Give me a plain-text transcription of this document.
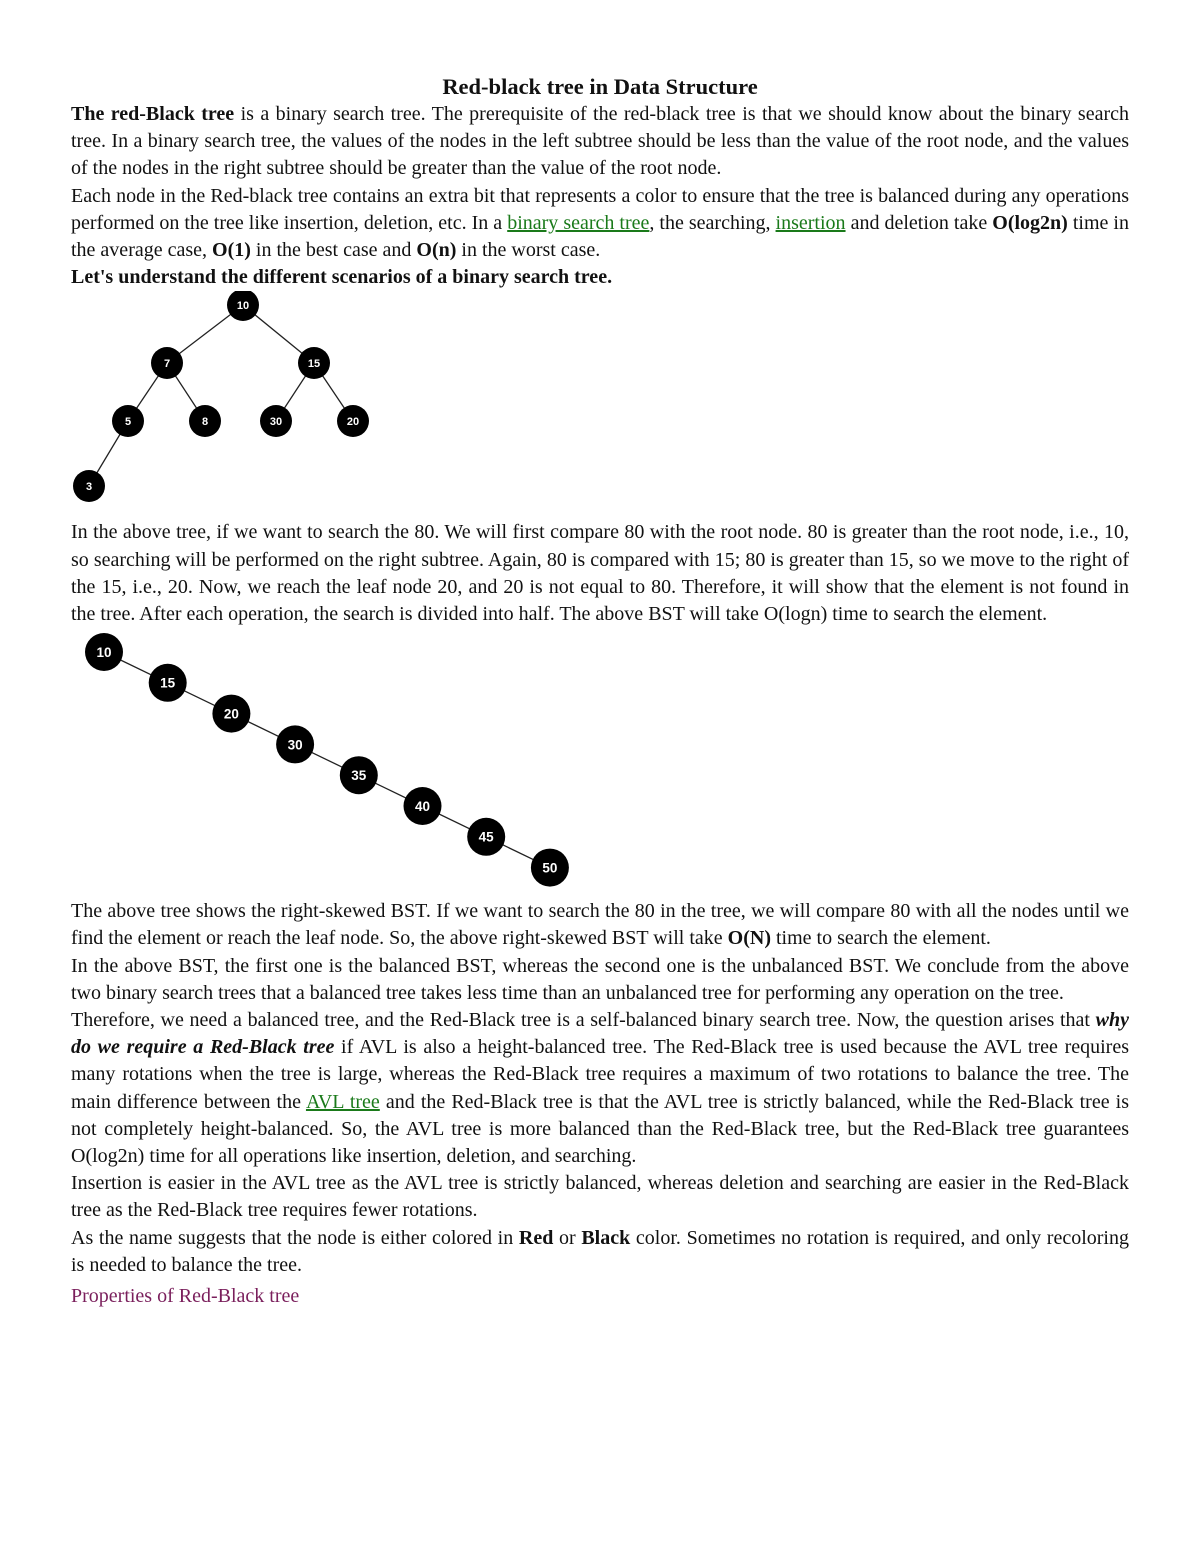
Red-black tree in Data Structure

The red-Black tree is a binary search tree. The prerequisite of the red-black tree is that we should know about the binary search tree. In a binary search tree, the values of the nodes in the left subtree should be less than the value of the root node, and the values of the nodes in the right subtree should be greater than the value of the root node.

Each node in the Red-black tree contains an extra bit that represents a color to ensure that the tree is balanced during any operations performed on the tree like insertion, deletion, etc. In a binary search tree, the searching, insertion and deletion take O(log2n) time in the average case, O(1) in the best case and O(n) in the worst case.

Let's understand the different scenarios of a binary search tree.

10
7	15
5	8	30	20
3

In the above tree, if we want to search the 80. We will first compare 80 with the root node. 80 is greater than the root node, i.e., 10, so searching will be performed on the right subtree. Again, 80 is compared with 15; 80 is greater than 15, so we move to the right of the 15, i.e., 20. Now, we reach the leaf node 20, and 20 is not equal to 80. Therefore, it will show that the element is not found in the tree. After each operation, the search is divided into half. The above BST will take O(logn) time to search the element.

10
15
20
30
35
40
45
50

The above tree shows the right-skewed BST. If we want to search the 80 in the tree, we will compare 80 with all the nodes until we find the element or reach the leaf node. So, the above right-skewed BST will take O(N) time to search the element.

In the above BST, the first one is the balanced BST, whereas the second one is the unbalanced BST. We conclude from the above two binary search trees that a balanced tree takes less time than an unbalanced tree for performing any operation on the tree.

Therefore, we need a balanced tree, and the Red-Black tree is a self-balanced binary search tree. Now, the question arises that why do we require a Red-Black tree if AVL is also a height-balanced tree. The Red-Black tree is used because the AVL tree requires many rotations when the tree is large, whereas the Red-Black tree requires a maximum of two rotations to balance the tree. The main difference between the AVL tree and the Red-Black tree is that the AVL tree is strictly balanced, while the Red-Black tree is not completely height-balanced. So, the AVL tree is more balanced than the Red-Black tree, but the Red-Black tree guarantees O(log2n) time for all operations like insertion, deletion, and searching.

Insertion is easier in the AVL tree as the AVL tree is strictly balanced, whereas deletion and searching are easier in the Red-Black tree as the Red-Black tree requires fewer rotations.

As the name suggests that the node is either colored in Red or Black color. Sometimes no rotation is required, and only recoloring is needed to balance the tree.

Properties of Red-Black tree
